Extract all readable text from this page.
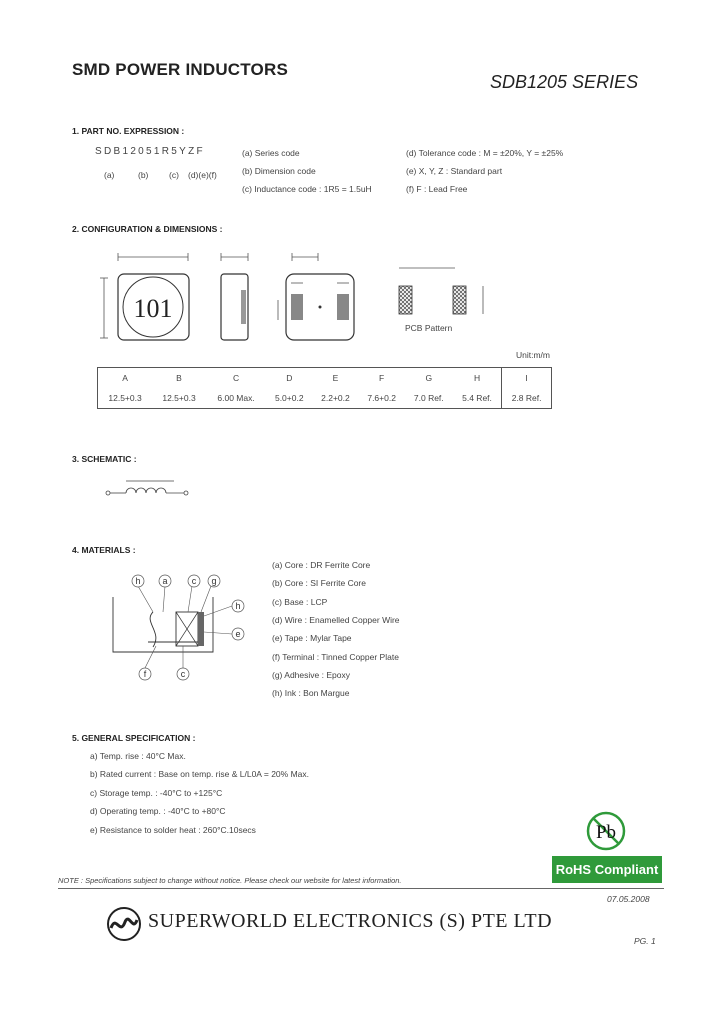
SMD POWER INDUCTORS
SDB1205 SERIES
1. PART NO. EXPRESSION :
SDB12051R5YZF
(a)	(b) (c) (d)(e)(f)
(a) Series code
(b) Dimension code
(c) Inductance code : 1R5 = 1.5uH
(d) Tolerance code : M = ±20%, Y = ±25%
(e) X, Y, Z : Standard part
(f) F : Lead Free
2. CONFIGURATION & DIMENSIONS :
101
PCB Pattern
Unit:m/m
A	B	C	D	E	F	G	H	I
12.5+0.3	12.5+0.3	6.00 Max.	5.0+0.2	2.2+0.2	7.6+0.2	7.0 Ref.	5.4 Ref.	2.8 Ref.
3. SCHEMATIC :
4. MATERIALS :
h a	c g
h
e
f	c
(a) Core : DR Ferrite Core
(b) Core : SI Ferrite Core
(c) Base : LCP
(d) Wire : Enamelled Copper Wire
(e) Tape : Mylar Tape
(f) Terminal : Tinned Copper Plate
(g) Adhesive : Epoxy
(h) Ink : Bon Margue
5. GENERAL SPECIFICATION :
a) Temp. rise : 40°C Max.
b) Rated current : Base on temp. rise & L/L0A = 20% Max.
c) Storage temp. : -40°C to +125°C
d) Operating temp. : -40°C to +80°C
e) Resistance to solder heat : 260°C.10secs	Pb
RoHS Compliant
NOTE : Specifications subject to change without notice. Please check our website for latest information.
07.05.2008
SUPERWORLD ELECTRONICS (S) PTE LTD
PG. 1
